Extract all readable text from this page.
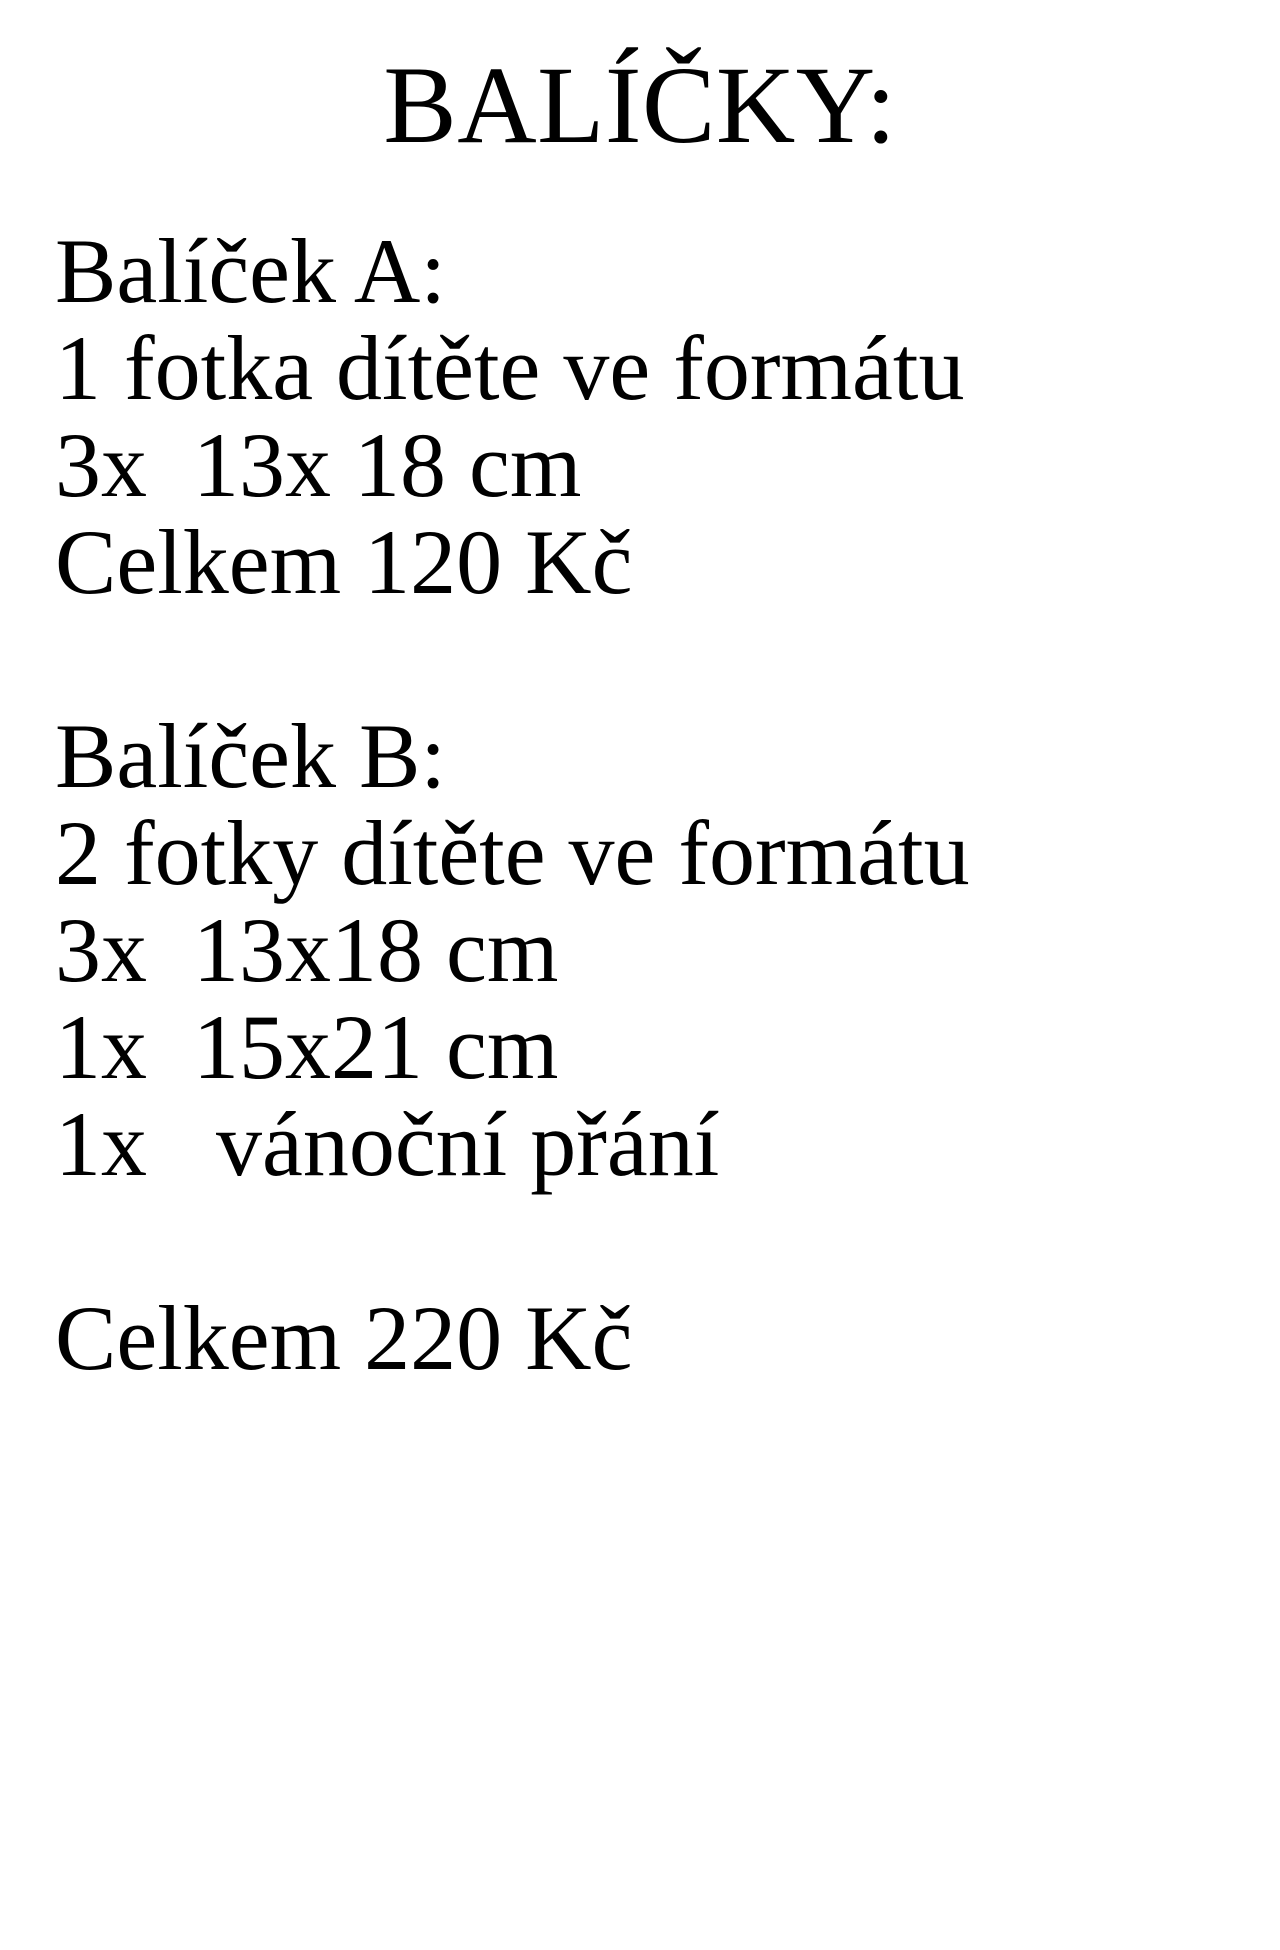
BALÍČKY:
Balíček A:
1 fotka dítěte ve formátu
3x  13x 18 cm
Celkem 120 Kč
Balíček B:
2 fotky dítěte ve formátu
3x  13x18 cm
1x  15x21 cm
1x   vánoční přání
Celkem 220 Kč
